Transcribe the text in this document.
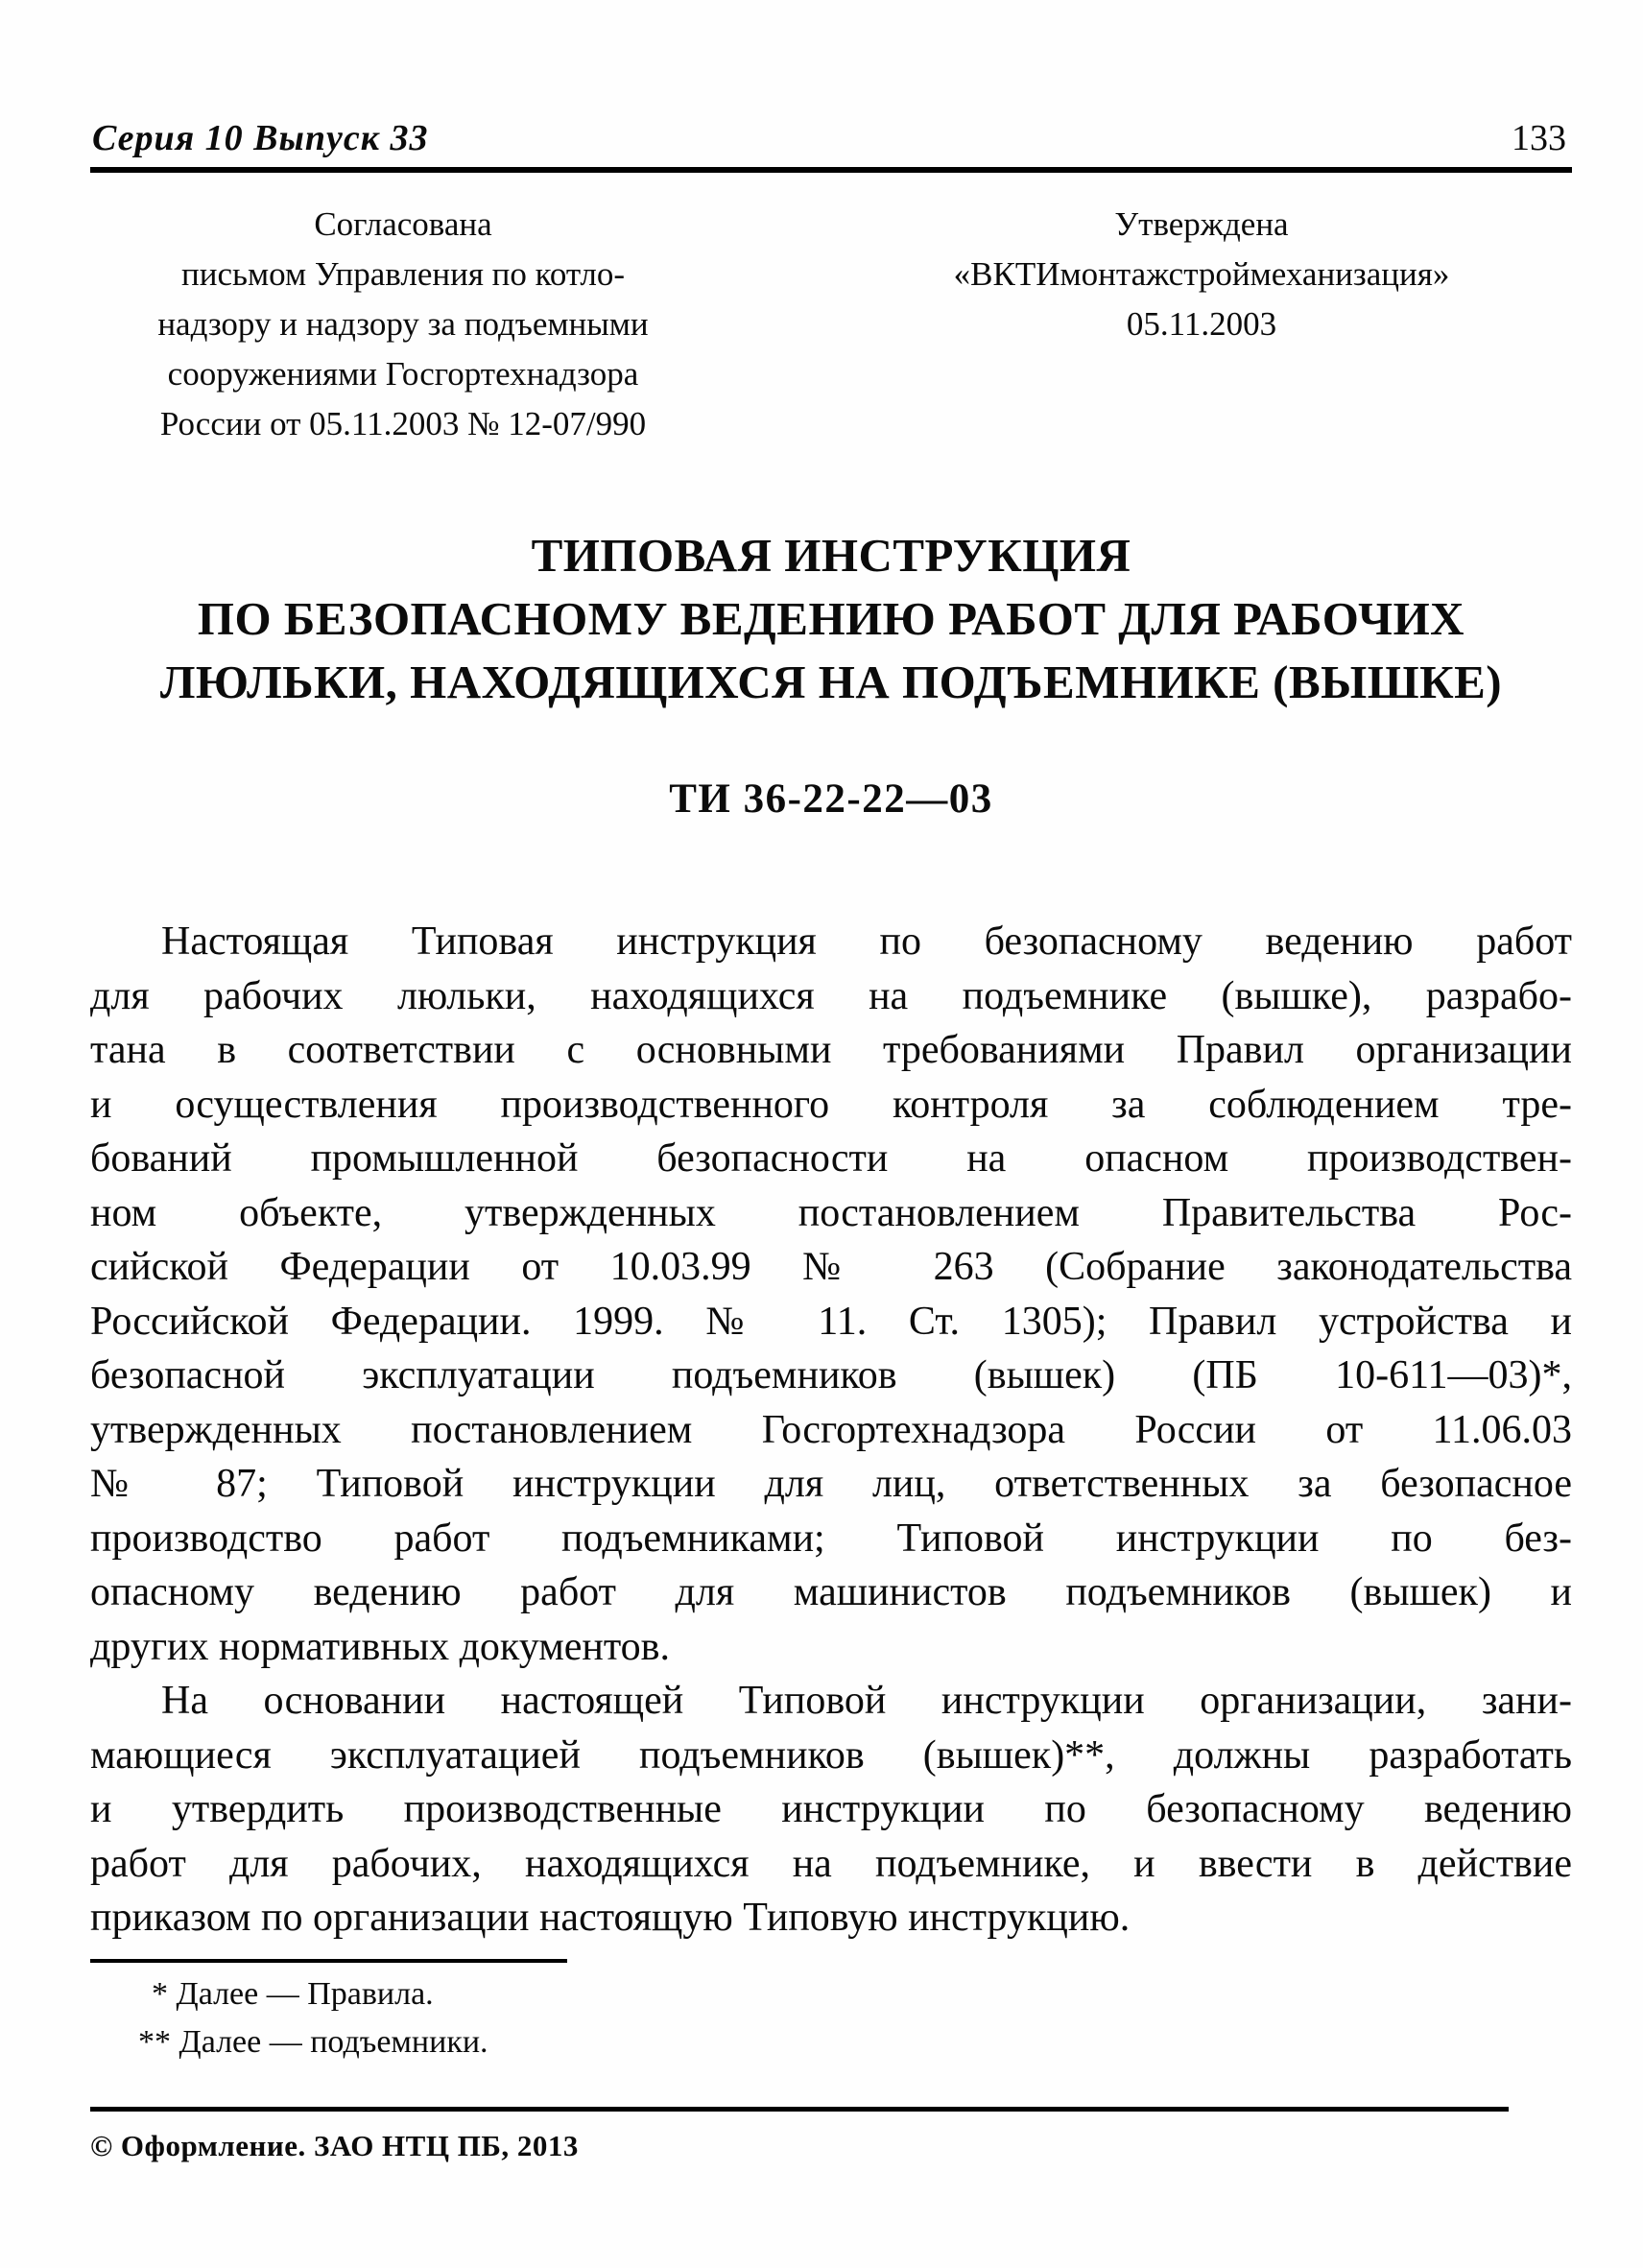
Серия 10 Выпуск 33	133
Согласована
письмом Управления по котло-
надзору и надзору за подъемными
сооружениями Госгортехнадзора
России от 05.11.2003 № 12-07/990
Утверждена
«ВКТИмонтажстроймеханизация»
05.11.2003
ТИПОВАЯ ИНСТРУКЦИЯ
ПО БЕЗОПАСНОМУ ВЕДЕНИЮ РАБОТ ДЛЯ РАБОЧИХ
ЛЮЛЬКИ, НАХОДЯЩИХСЯ НА ПОДЪЕМНИКЕ (ВЫШКЕ)
ТИ 36-22-22—03
Настоящая Типовая инструкция по безопасному ведению работ
для рабочих люльки, находящихся на подъемнике (вышке), разрабо-
тана в соответствии с основными требованиями Правил организации
и осуществления производственного контроля за соблюдением тре-
бований промышленной безопасности на опасном производствен-
ном объекте, утвержденных постановлением Правительства Рос-
сийской Федерации от 10.03.99 № 263 (Собрание законодательства
Российской Федерации. 1999. № 11. Ст. 1305); Правил устройства и
безопасной эксплуатации подъемников (вышек) (ПБ 10-611—03)*,
утвержденных постановлением Госгортехнадзора России от 11.06.03
№ 87; Типовой инструкции для лиц, ответственных за безопасное
производство работ подъемниками; Типовой инструкции по без-
опасному ведению работ для машинистов подъемников (вышек) и
других нормативных документов.
На основании настоящей Типовой инструкции организации, зани-
мающиеся эксплуатацией подъемников (вышек)**, должны разработать
и утвердить производственные инструкции по безопасному ведению
работ для рабочих, находящихся на подъемнике, и ввести в действие
приказом по организации настоящую Типовую инструкцию.
* Далее — Правила.
** Далее — подъемники.
© Оформление. ЗАО НТЦ ПБ, 2013
